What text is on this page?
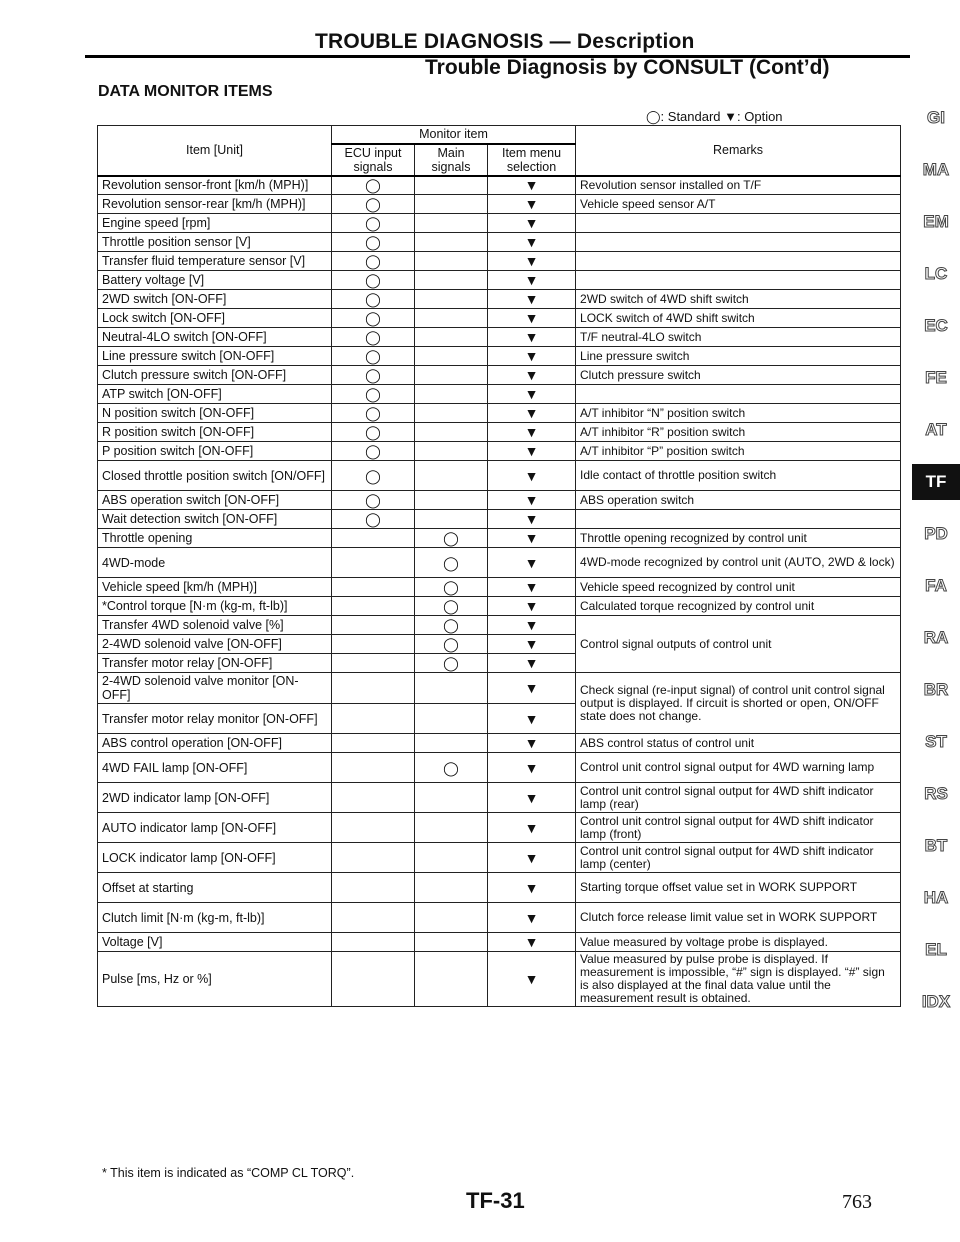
TROUBLE DIAGNOSIS — Description
Trouble Diagnosis by CONSULT (Cont’d)
DATA MONITOR ITEMS
◯: Standard ▼: Option
Item [Unit]	Monitor item			Remarks
	ECU input signals	Main signals	Item menu selection	
Revolution sensor-front [km/h (MPH)]	◯		▼	Revolution sensor installed on T/F
Revolution sensor-rear [km/h (MPH)]	◯		▼	Vehicle speed sensor A/T
Engine speed [rpm]	◯		▼	
Throttle position sensor [V]	◯		▼	
Transfer fluid temperature sensor [V]	◯		▼	
Battery voltage [V]	◯		▼	
2WD switch [ON-OFF]	◯		▼	2WD switch of 4WD shift switch
Lock switch [ON-OFF]	◯		▼	LOCK switch of 4WD shift switch
Neutral-4LO switch [ON-OFF]	◯		▼	T/F neutral-4LO switch
Line pressure switch [ON-OFF]	◯		▼	Line pressure switch
Clutch pressure switch [ON-OFF]	◯		▼	Clutch pressure switch
ATP switch [ON-OFF]	◯		▼	
N position switch [ON-OFF]	◯		▼	A/T inhibitor “N” position switch
R position switch [ON-OFF]	◯		▼	A/T inhibitor “R” position switch
P position switch [ON-OFF]	◯		▼	A/T inhibitor “P” position switch
Closed throttle position switch [ON/OFF]	◯		▼	Idle contact of throttle position switch
ABS operation switch [ON-OFF]	◯		▼	ABS operation switch
Wait detection switch [ON-OFF]	◯		▼	
Throttle opening		◯	▼	Throttle opening recognized by control unit
4WD-mode		◯	▼	4WD-mode recognized by control unit (AUTO, 2WD & lock)
Vehicle speed [km/h (MPH)]		◯	▼	Vehicle speed recognized by control unit
*Control torque [N·m (kg-m, ft-lb)]		◯	▼	Calculated torque recognized by control unit
Transfer 4WD solenoid valve [%]		◯	▼	Control signal outputs of control unit
2-4WD solenoid valve [ON-OFF]		◯	▼	
Transfer motor relay [ON-OFF]		◯	▼	
2-4WD solenoid valve monitor [ON-OFF]			▼	Check signal (re-input signal) of control unit control signal output is displayed. If circuit is shorted or open, ON/OFF state does not change.
Transfer motor relay monitor [ON-OFF]			▼	
ABS control operation [ON-OFF]			▼	ABS control status of control unit
4WD FAIL lamp [ON-OFF]		◯	▼	Control unit control signal output for 4WD warning lamp
2WD indicator lamp [ON-OFF]			▼	Control unit control signal output for 4WD shift indicator lamp (rear)
AUTO indicator lamp [ON-OFF]			▼	Control unit control signal output for 4WD shift indicator lamp (front)
LOCK indicator lamp [ON-OFF]			▼	Control unit control signal output for 4WD shift indicator lamp (center)
Offset at starting			▼	Starting torque offset value set in WORK SUPPORT
Clutch limit [N·m (kg-m, ft-lb)]			▼	Clutch force release limit value set in WORK SUPPORT
Voltage [V]			▼	Value measured by voltage probe is displayed.
Pulse [ms, Hz or %]			▼	Value measured by pulse probe is displayed. If measurement is impossible, “#” sign is displayed. “#” sign is also displayed at the final data value until the measurement result is obtained.
* This item is indicated as “COMP CL TORQ”.
TF-31	763
GI
MA
EM
LC
EC
FE
AT
TF
PD
FA
RA
BR
ST
RS
BT
HA
EL
IDX
